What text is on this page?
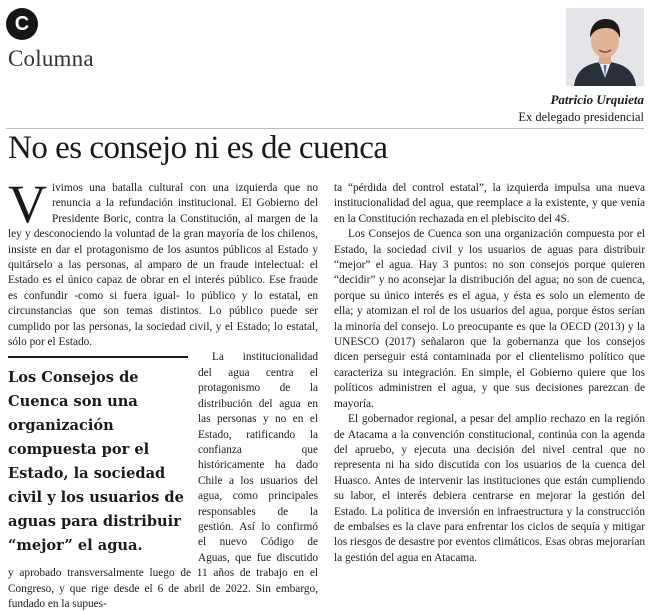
C
Columna
Patricio Urquieta
Ex delegado presidencial
No es consejo ni es de cuenca

Vivimos una batalla cultural con una izquierda que no renuncia a la refundación institucional. El Gobierno del Presidente Boric, contra la Constitución, al margen de la ley y desconociendo la voluntad de la gran mayoría de los chilenos, insiste en dar el protagonismo de los asuntos públicos al Estado y quitárselo a las personas, al amparo de un fraude intelectual: el Estado es el único capaz de obrar en el interés público. Ese fraude es confundir -como si fuera igual- lo público y lo estatal, en circunstancias que son temas distintos. Lo público puede ser cumplido por las personas, la sociedad civil, y el Estado; lo estatal, sólo por el Estado.

Los Consejos de Cuenca son una organización compuesta por el Estado, la sociedad civil y los usuarios de aguas para distribuir “mejor” el agua.

La institucionalidad del agua centra el protagonismo de la distribución del agua en las personas y no en el Estado, ratificando la confianza que históricamente ha dado Chile a los usuarios del agua, como principales responsables de la gestión. Así lo confirmó el nuevo Código de Aguas, que fue discutido y aprobado transversalmente luego de 11 años de trabajo en el Congreso, y que rige desde el 6 de abril de 2022. Sin embargo, fundado en la supues-

ta “pérdida del control estatal”, la izquierda impulsa una nueva institucionalidad del agua, que reemplace a la existente, y que venía en la Constitución rechazada en el plebiscito del 4S.

Los Consejos de Cuenca son una organización compuesta por el Estado, la sociedad civil y los usuarios de aguas para distribuir “mejor” el agua. Hay 3 puntos: no son consejos porque quieren “decidir” y no aconsejar la distribución del agua; no son de cuenca, porque su único interés es el agua, y ésta es solo un elemento de ella; y atomizan el rol de los usuarios del agua, porque éstos serían la minoría del consejo. Lo preocupante es que la OECD (2013) y la UNESCO (2017) señalaron que la gobernanza que los consejos dicen perseguir está contaminada por el clientelismo político que caracteriza su integración. En simple, el Gobierno quiere que los políticos administren el agua, y que sus decisiones parezcan de mayoría.

El gobernador regional, a pesar del amplio rechazo en la región de Atacama a la convención constitucional, continúa con la agenda del apruebo, y ejecuta una decisión del nivel central que no representa ni ha sido discutida con los usuarios de la cuenca del Huasco. Antes de intervenir las instituciones que están cumpliendo su labor, el interés debiera centrarse en mejorar la gestión del Estado. La política de inversión en infraestructura y la construcción de embalses es la clave para enfrentar los ciclos de sequía y mitigar los riesgos de desastre por eventos climáticos. Esas obras mejorarían la gestión del agua en Atacama.
